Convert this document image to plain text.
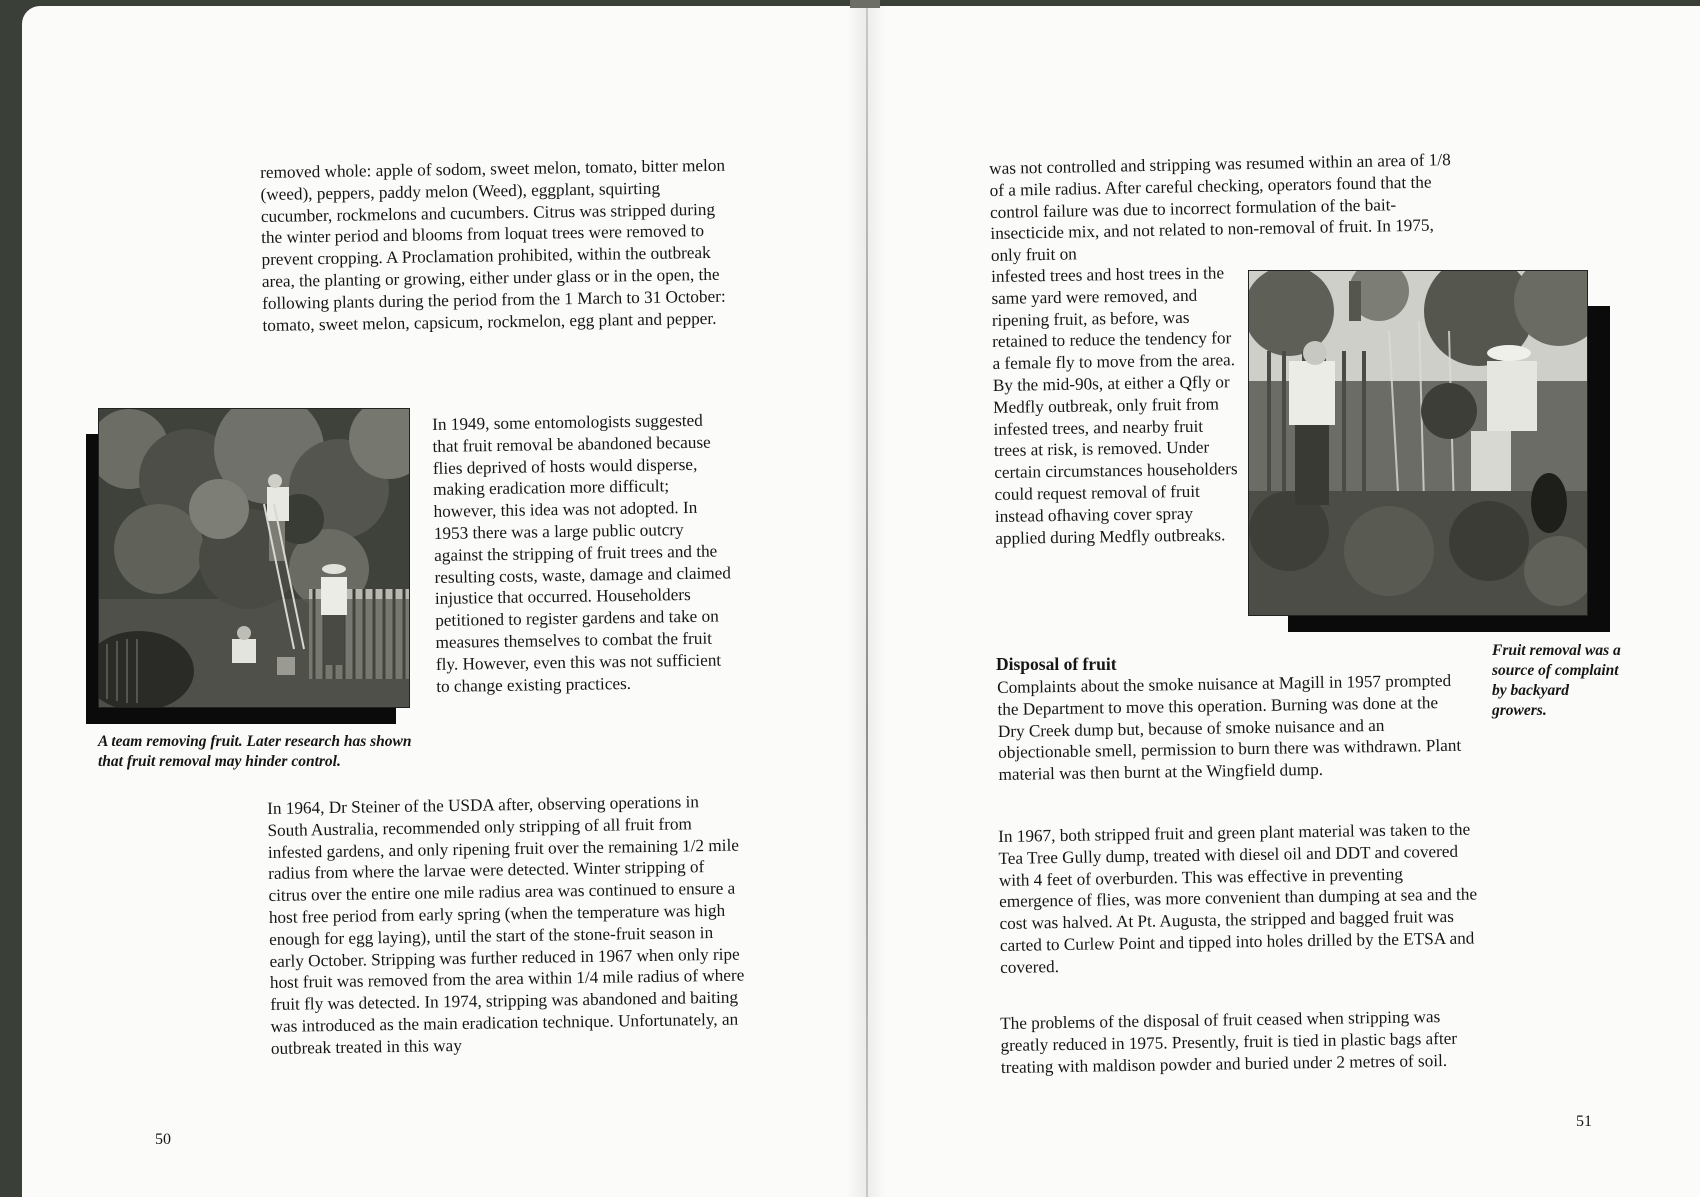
removed whole: apple of sodom, sweet melon, tomato, bitter melon (weed), peppers, paddy melon (Weed), eggplant, squirting cucumber, rockmelons and cucumbers. Citrus was stripped during the winter period and blooms from loquat trees were removed to prevent cropping. A Proclamation prohibited, within the outbreak area, the planting or growing, either under glass or in the open, the following plants during the period from the 1 March to 31 October: tomato, sweet melon, capsicum, rockmelon, egg plant and pepper.

A team removing fruit. Later research has shown that fruit removal may hinder control.

In 1949, some entomologists suggested that fruit removal be abandoned because flies deprived of hosts would disperse, making eradication more difficult; however, this idea was not adopted. In 1953 there was a large public outcry against the stripping of fruit trees and the resulting costs, waste, damage and claimed injustice that occurred. Householders petitioned to register gardens and take on measures themselves to combat the fruit fly. However, even this was not sufficient to change existing practices.

In 1964, Dr Steiner of the USDA after, observing operations in South Australia, recommended only stripping of all fruit from infested gardens, and only ripening fruit over the remaining 1/2 mile radius from where the larvae were detected. Winter stripping of citrus over the entire one mile radius area was continued to ensure a host free period from early spring (when the temperature was high enough for egg laying), until the start of the stone-fruit season in early October. Stripping was further reduced in 1967 when only ripe host fruit was removed from the area within 1/4 mile radius of where fruit fly was detected. In 1974, stripping was abandoned and baiting was introduced as the main eradication technique. Unfortunately, an outbreak treated in this way

50

was not controlled and stripping was resumed within an area of 1/8 of a mile radius. After careful checking, operators found that the control failure was due to incorrect formulation of the bait-insecticide mix, and not related to non-removal of fruit. In 1975, only fruit on

infested trees and host trees in the same yard were removed, and ripening fruit, as before, was retained to reduce the tendency for a female fly to move from the area. By the mid-90s, at either a Qfly or Medfly outbreak, only fruit from infested trees, and nearby fruit trees at risk, is removed. Under certain circumstances householders could request removal of fruit instead ofhaving cover spray applied during Medfly outbreaks.

Fruit removal was a source of complaint by backyard growers.

Disposal of fruit

Complaints about the smoke nuisance at Magill in 1957 prompted the Department to move this operation. Burning was done at the Dry Creek dump but, because of smoke nuisance and an objectionable smell, permission to burn there was withdrawn. Plant material was then burnt at the Wingfield dump.

In 1967, both stripped fruit and green plant material was taken to the Tea Tree Gully dump, treated with diesel oil and DDT and covered with 4 feet of overburden. This was effective in preventing emergence of flies, was more convenient than dumping at sea and the cost was halved. At Pt. Augusta, the stripped and bagged fruit was carted to Curlew Point and tipped into holes drilled by the ETSA and covered.

The problems of the disposal of fruit ceased when stripping was greatly reduced in 1975. Presently, fruit is tied in plastic bags after treating with maldison powder and buried under 2 metres of soil.

51
